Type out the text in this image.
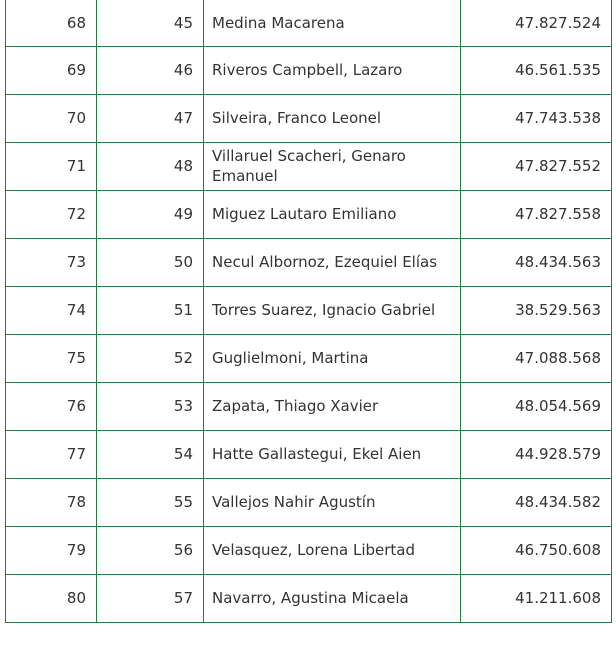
68	45	Medina Macarena	47.827.524
69	46	Riveros Campbell, Lazaro	46.561.535
70	47	Silveira, Franco Leonel	47.743.538
71	48	Villaruel Scacheri, Genaro Emanuel	47.827.552
72	49	Miguez Lautaro Emiliano	47.827.558
73	50	Necul Albornoz, Ezequiel Elías	48.434.563
74	51	Torres Suarez, Ignacio Gabriel	38.529.563
75	52	Guglielmoni, Martina	47.088.568
76	53	Zapata, Thiago Xavier	48.054.569
77	54	Hatte Gallastegui, Ekel Aien	44.928.579
78	55	Vallejos Nahir Agustín	48.434.582
79	56	Velasquez, Lorena Libertad	46.750.608
80	57	Navarro, Agustina Micaela	41.211.608
